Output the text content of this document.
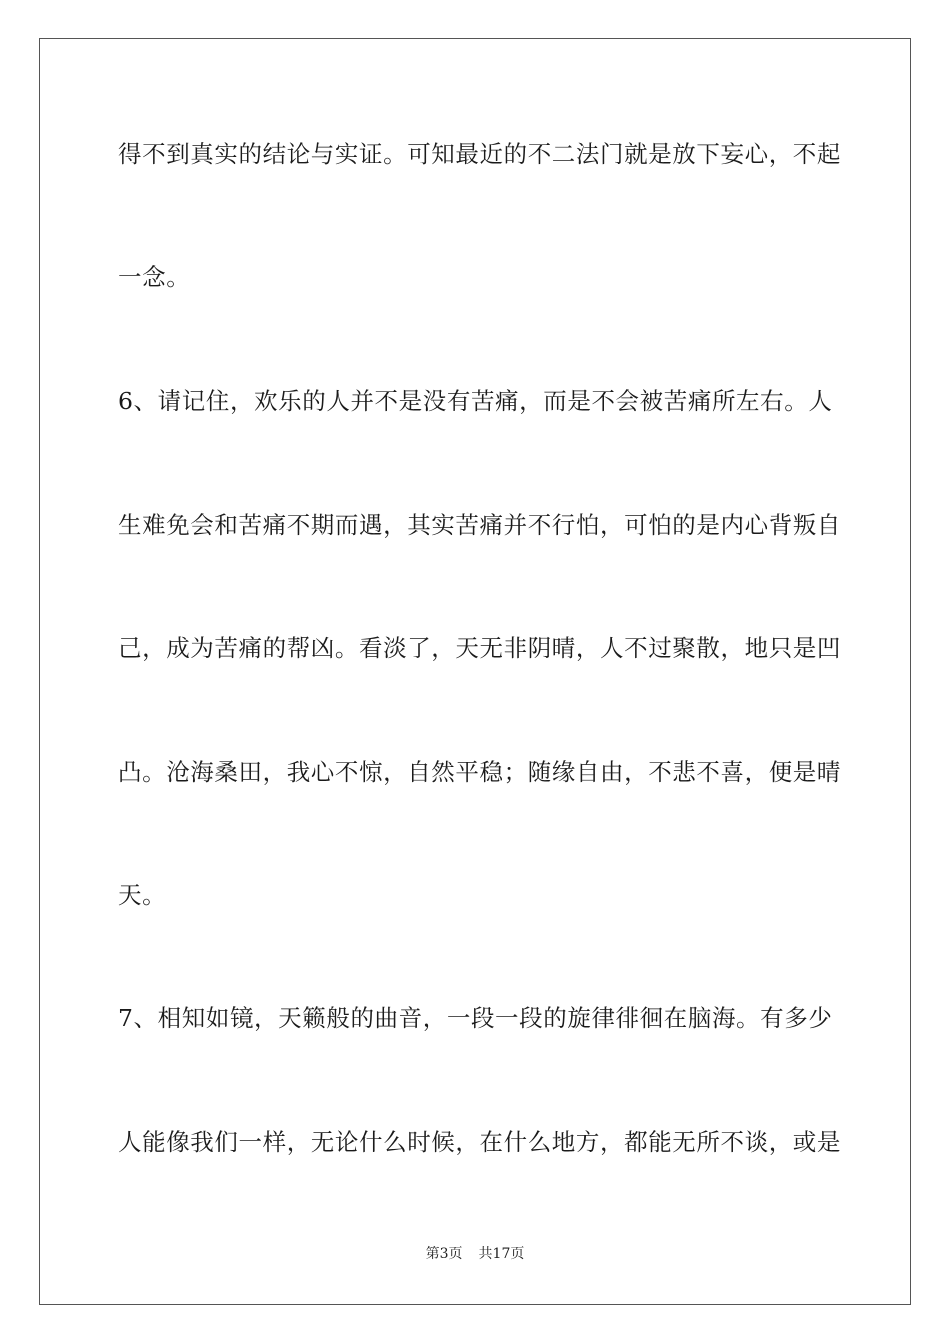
得不到真实的结论与实证。可知最近的不二法门就是放下妄心，不起
一念。
6、请记住，欢乐的人并不是没有苦痛，而是不会被苦痛所左右。人
生难免会和苦痛不期而遇，其实苦痛并不行怕，可怕的是内心背叛自
己，成为苦痛的帮凶。看淡了，天无非阴晴，人不过聚散，地只是凹
凸。沧海桑田，我心不惊，自然平稳；随缘自由，不悲不喜，便是晴
天。
7、相知如镜，天籁般的曲音，一段一段的旋律徘徊在脑海。有多少
人能像我们一样，无论什么时候，在什么地方，都能无所不谈，或是
第3页 共17页
